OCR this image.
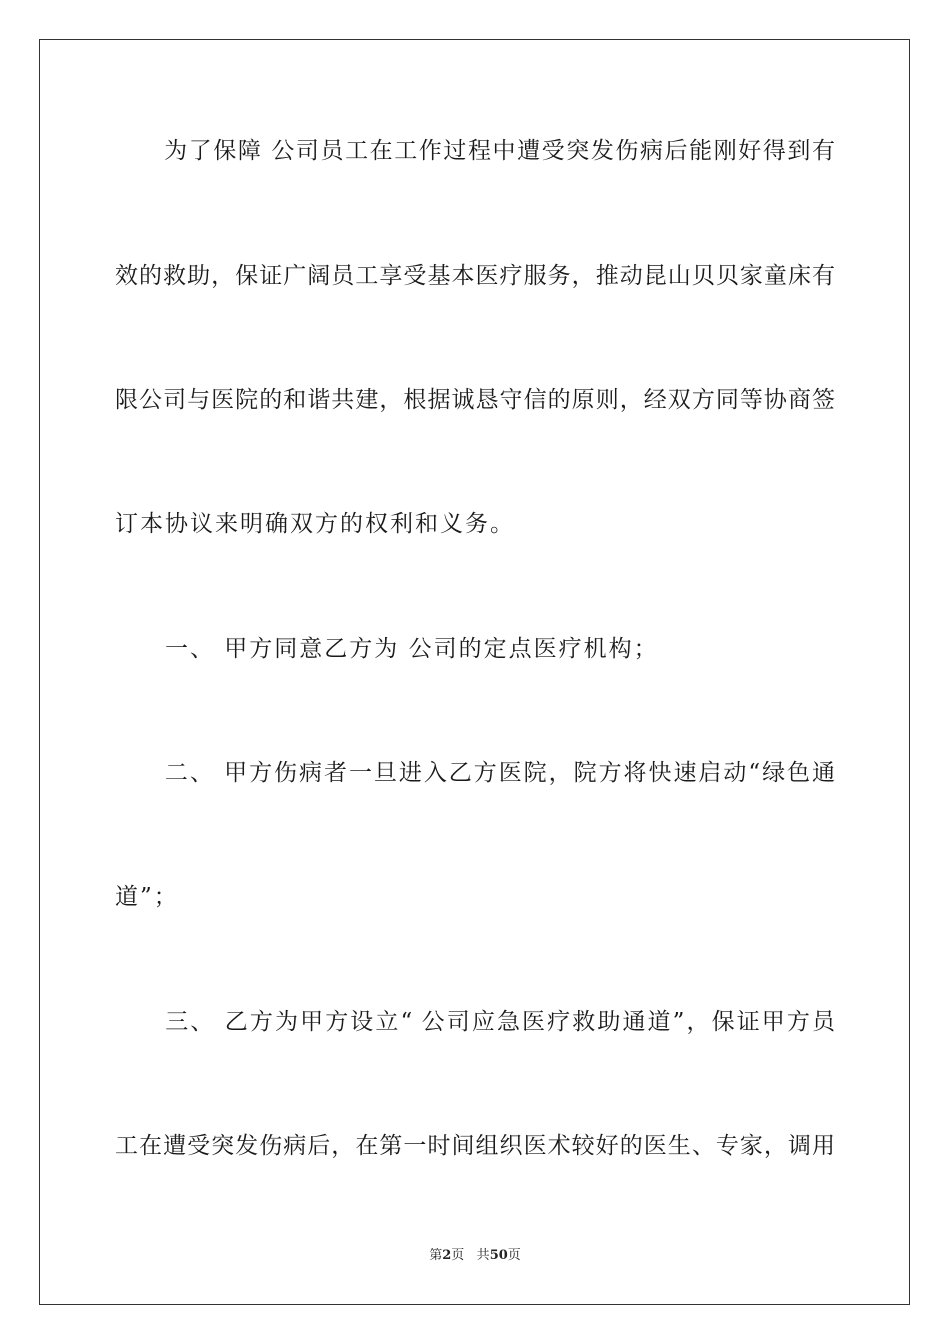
　　为了保障 公司员工在工作过程中遭受突发伤病后能刚好得到有
效的救助，保证广阔员工享受基本医疗服务，推动昆山贝贝家童床有
限公司与医院的和谐共建，根据诚恳守信的原则，经双方同等协商签
订本协议来明确双方的权利和义务。
　　一、 甲方同意乙方为 公司的定点医疗机构；
　　二、 甲方伤病者一旦进入乙方医院，院方将快速启动“绿色通
道”；
　　三、 乙方为甲方设立“ 公司应急医疗救助通道”，保证甲方员
工在遭受突发伤病后，在第一时间组织医术较好的医生、专家，调用
第2页 共50页
